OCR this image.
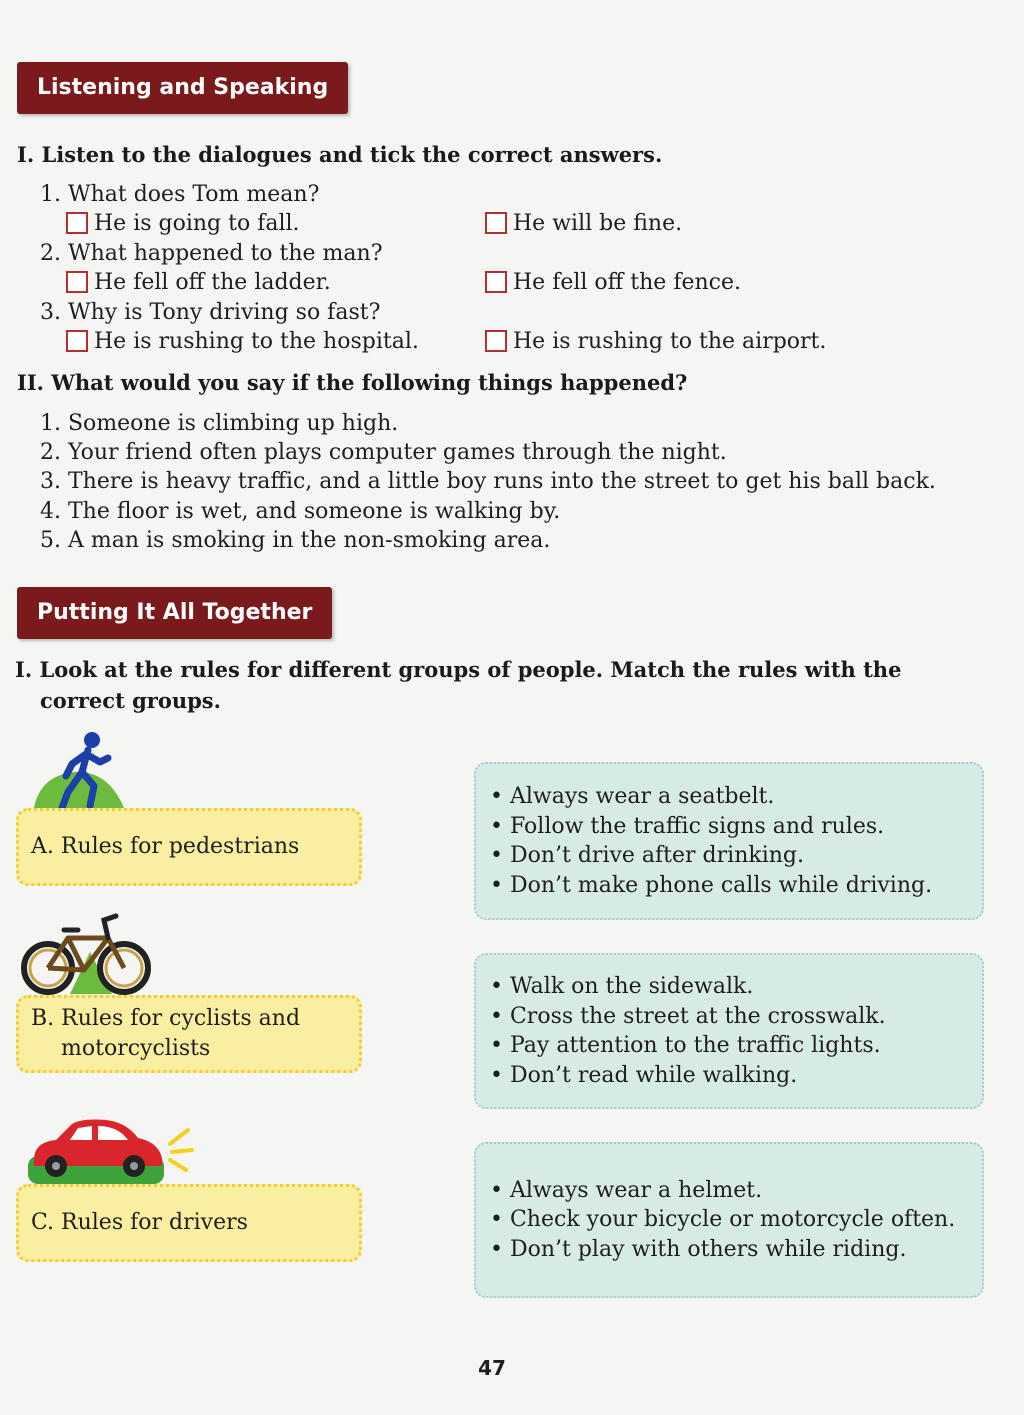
Listening and Speaking
I. Listen to the dialogues and tick the correct answers.
1. What does Tom mean?
He is going to fall.	He will be fine.
2. What happened to the man?
He fell off the ladder.	He fell off the fence.
3. Why is Tony driving so fast?
He is rushing to the hospital.	He is rushing to the airport.
II. What would you say if the following things happened?
1. Someone is climbing up high.
2. Your friend often plays computer games through the night.
3. There is heavy traffic, and a little boy runs into the street to get his ball back.
4. The floor is wet, and someone is walking by.
5. A man is smoking in the non-smoking area.
Putting It All Together
I. Look at the rules for different groups of people. Match the rules with the
correct groups.
A. Rules for pedestrians
B. Rules for cyclists and
motorcyclists
C. Rules for drivers
• Always wear a seatbelt.
• Follow the traffic signs and rules.
• Don’t drive after drinking.
• Don’t make phone calls while driving.
• Walk on the sidewalk.
• Cross the street at the crosswalk.
• Pay attention to the traffic lights.
• Don’t read while walking.
• Always wear a helmet.
• Check your bicycle or motorcycle often.
• Don’t play with others while riding.
47
